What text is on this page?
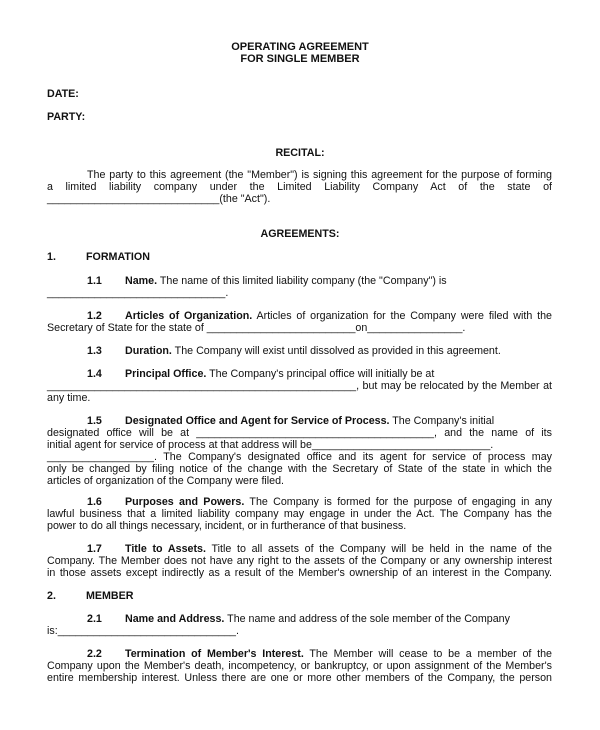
OPERATING AGREEMENT
FOR SINGLE MEMBER
DATE:
PARTY:
RECITAL:
The party to this agreement (the "Member") is signing this agreement for the purpose of forming
a limited liability company under the Limited Liability Company Act of the state of
_____________________________(the "Act").
AGREEMENTS:
1.	FORMATION
1.1 Name. The name of this limited liability company (the "Company") is
______________________________.
1.2 Articles of Organization. Articles of organization for the Company were filed with the
Secretary of State for the state of _________________________on________________.
1.3 Duration. The Company will exist until dissolved as provided in this agreement.
1.4 Principal Office. The Company's principal office will initially be at
____________________________________________________, but may be relocated by the Member at
any time.
1.5 Designated Office and Agent for Service of Process. The Company's initial
designated office will be at ________________________________________, and the name of its
initial agent for service of process at that address will be______________________________.
__________________. The Company's designated office and its agent for service of process may
only be changed by filing notice of the change with the Secretary of State of the state in which the
articles of organization of the Company were filed.
1.6 Purposes and Powers. The Company is formed for the purpose of engaging in any
lawful business that a limited liability company may engage in under the Act. The Company has the
power to do all things necessary, incident, or in furtherance of that business.
1.7 Title to Assets. Title to all assets of the Company will be held in the name of the
Company. The Member does not have any right to the assets of the Company or any ownership interest
in those assets except indirectly as a result of the Member's ownership of an interest in the Company.
2.	MEMBER
2.1 Name and Address. The name and address of the sole member of the Company
is:______________________________.
2.2 Termination of Member's Interest. The Member will cease to be a member of the
Company upon the Member's death, incompetency, or bankruptcy, or upon assignment of the Member's
entire membership interest. Unless there are one or more other members of the Company, the person
